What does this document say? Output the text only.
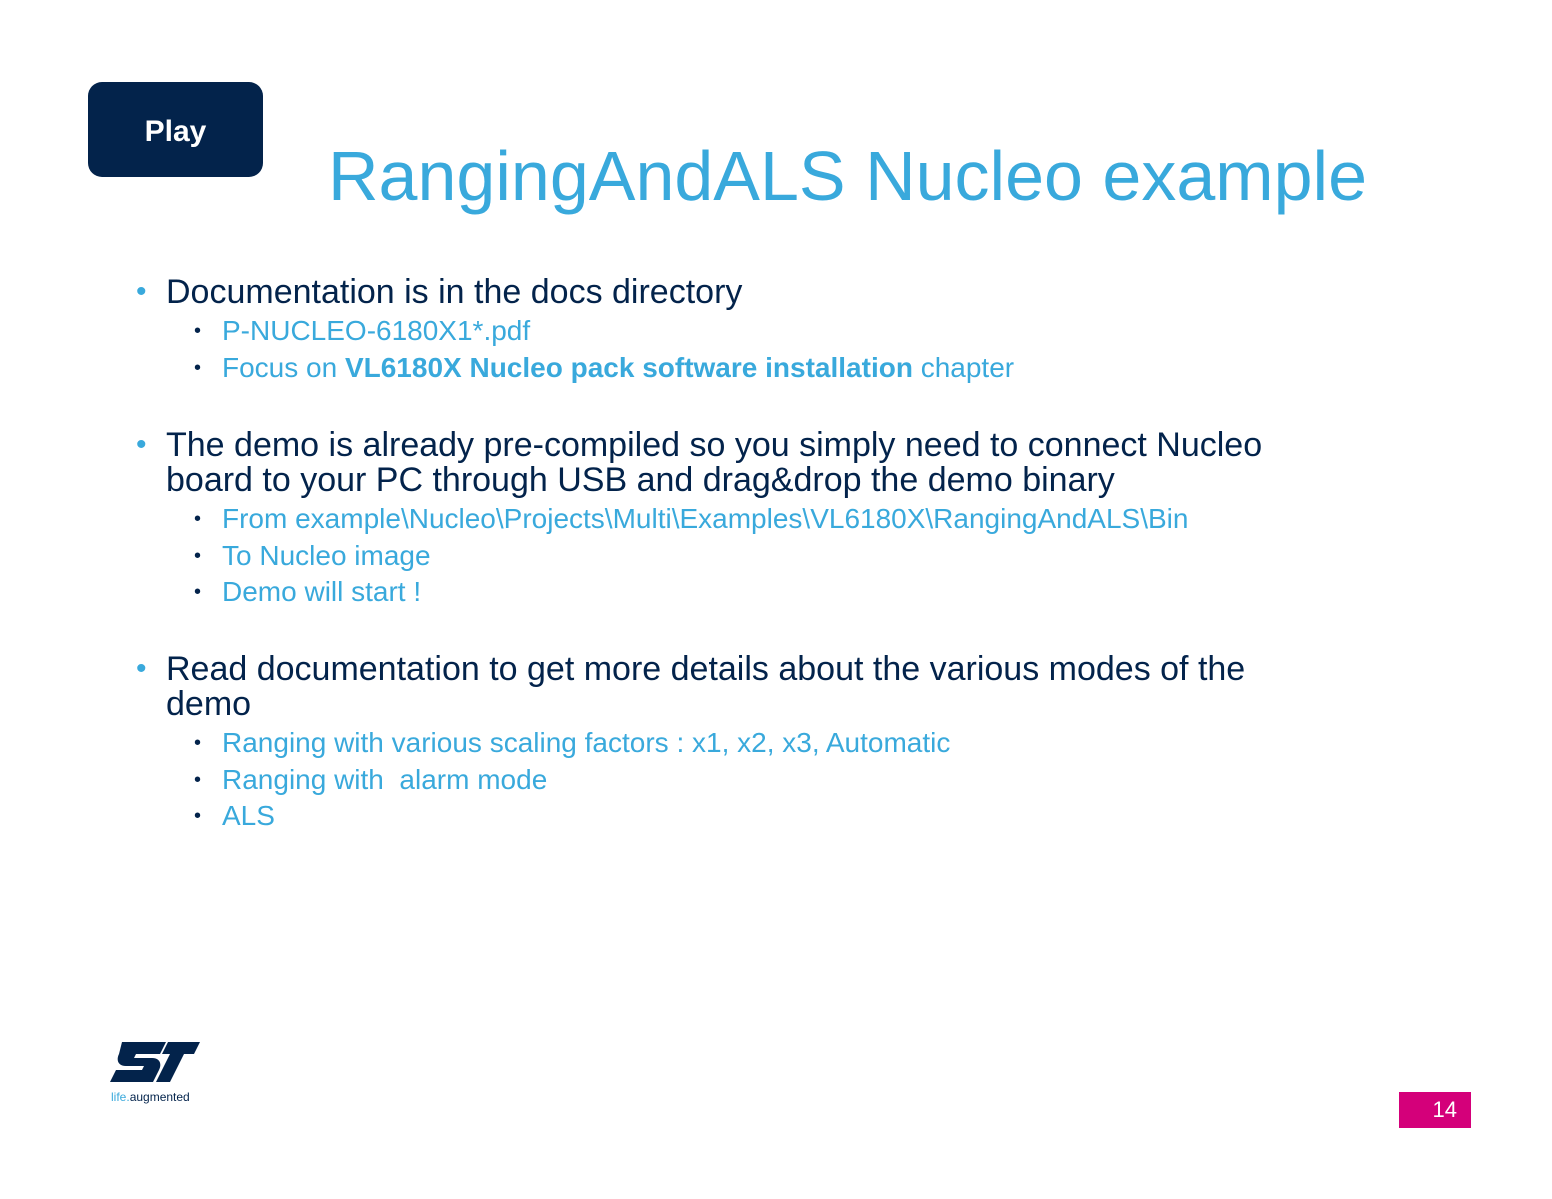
Play
RangingAndALS Nucleo example
• Documentation is in the docs directory
• P-NUCLEO-6180X1*.pdf
• Focus on VL6180X Nucleo pack software installation chapter
• The demo is already pre-compiled so you simply need to connect Nucleo board to your PC through USB and drag&drop the demo binary
• From example\Nucleo\Projects\Multi\Examples\VL6180X\RangingAndALS\Bin
• To Nucleo image
• Demo will start !
• Read documentation to get more details about the various modes of the demo
• Ranging with various scaling factors : x1, x2, x3, Automatic
• Ranging with  alarm mode
• ALS
life.augmented	14
